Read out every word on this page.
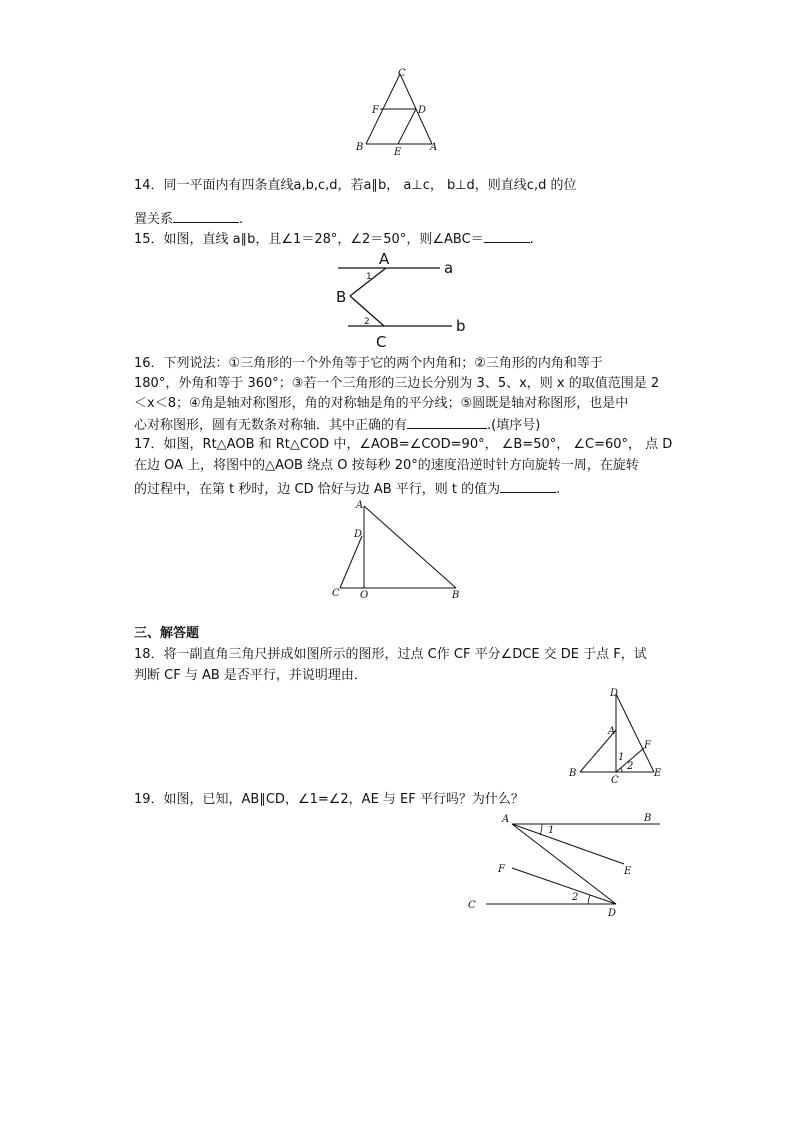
C
F	D
B	E	A
14．同一平面内有四条直线a,b,c,d，若a∥b， a⊥c， b⊥d，则直线c,d 的位
置关系	.
15．如图，直线 a∥b，且∠1＝28°，∠2＝50°，则∠ABC＝	.
A	a
B
b
C
1
2
16．下列说法：①三角形的一个外角等于它的两个内角和；②三角形的内角和等于
180°，外角和等于 360°；③若一个三角形的三边长分别为 3、5、x，则 x 的取值范围是 2
＜x＜8；④角是轴对称图形，角的对称轴是角的平分线；⑤圆既是轴对称图形，也是中
心对称图形，圆有无数条对称轴．其中正确的有	.(填序号)
17．如图，Rt△AOB 和 Rt△COD 中，∠AOB=∠COD=90°， ∠B=50°， ∠C=60°， 点 D
在边 OA 上，将图中的△AOB 绕点 O 按每秒 20°的速度沿逆时针方向旋转一周，在旋转
的过程中，在第 t 秒时，边 CD 恰好与边 AB 平行，则 t 的值为	.
A
D
C O	B
三、解答题
18．将一副直角三角尺拼成如图所示的图形，过点 C作 CF 平分∠DCE 交 DE 于点 F，试
判断 CF 与 AB 是否平行，并说明理由．
D
A
F
1
2
B
C
E
19．如图，已知，AB∥CD，∠1=∠2，AE 与 EF 平行吗？为什么？
A
1
B
E
F
2
C
D
